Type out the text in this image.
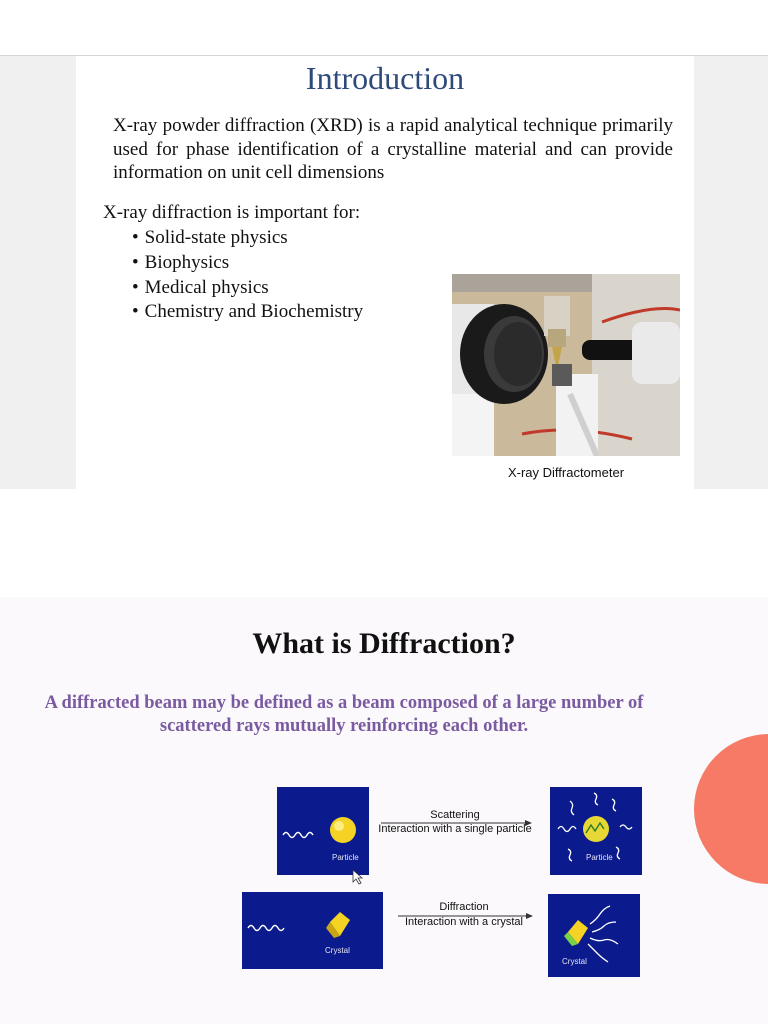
Introduction
X-ray powder diffraction (XRD) is a rapid analytical technique primarily used for phase identification of a crystalline material and can provide information on unit cell dimensions
X-ray diffraction is important for:
• Solid-state physics
• Biophysics
• Medical physics
• Chemistry and Biochemistry
X-ray Diffractometer
What is Diffraction?
A diffracted beam may be defined as a beam composed of a large number of scattered rays mutually reinforcing each other.
Particle
Scattering
Interaction with a single particle
Particle
Crystal
Diffraction
Interaction with a crystal
Crystal
